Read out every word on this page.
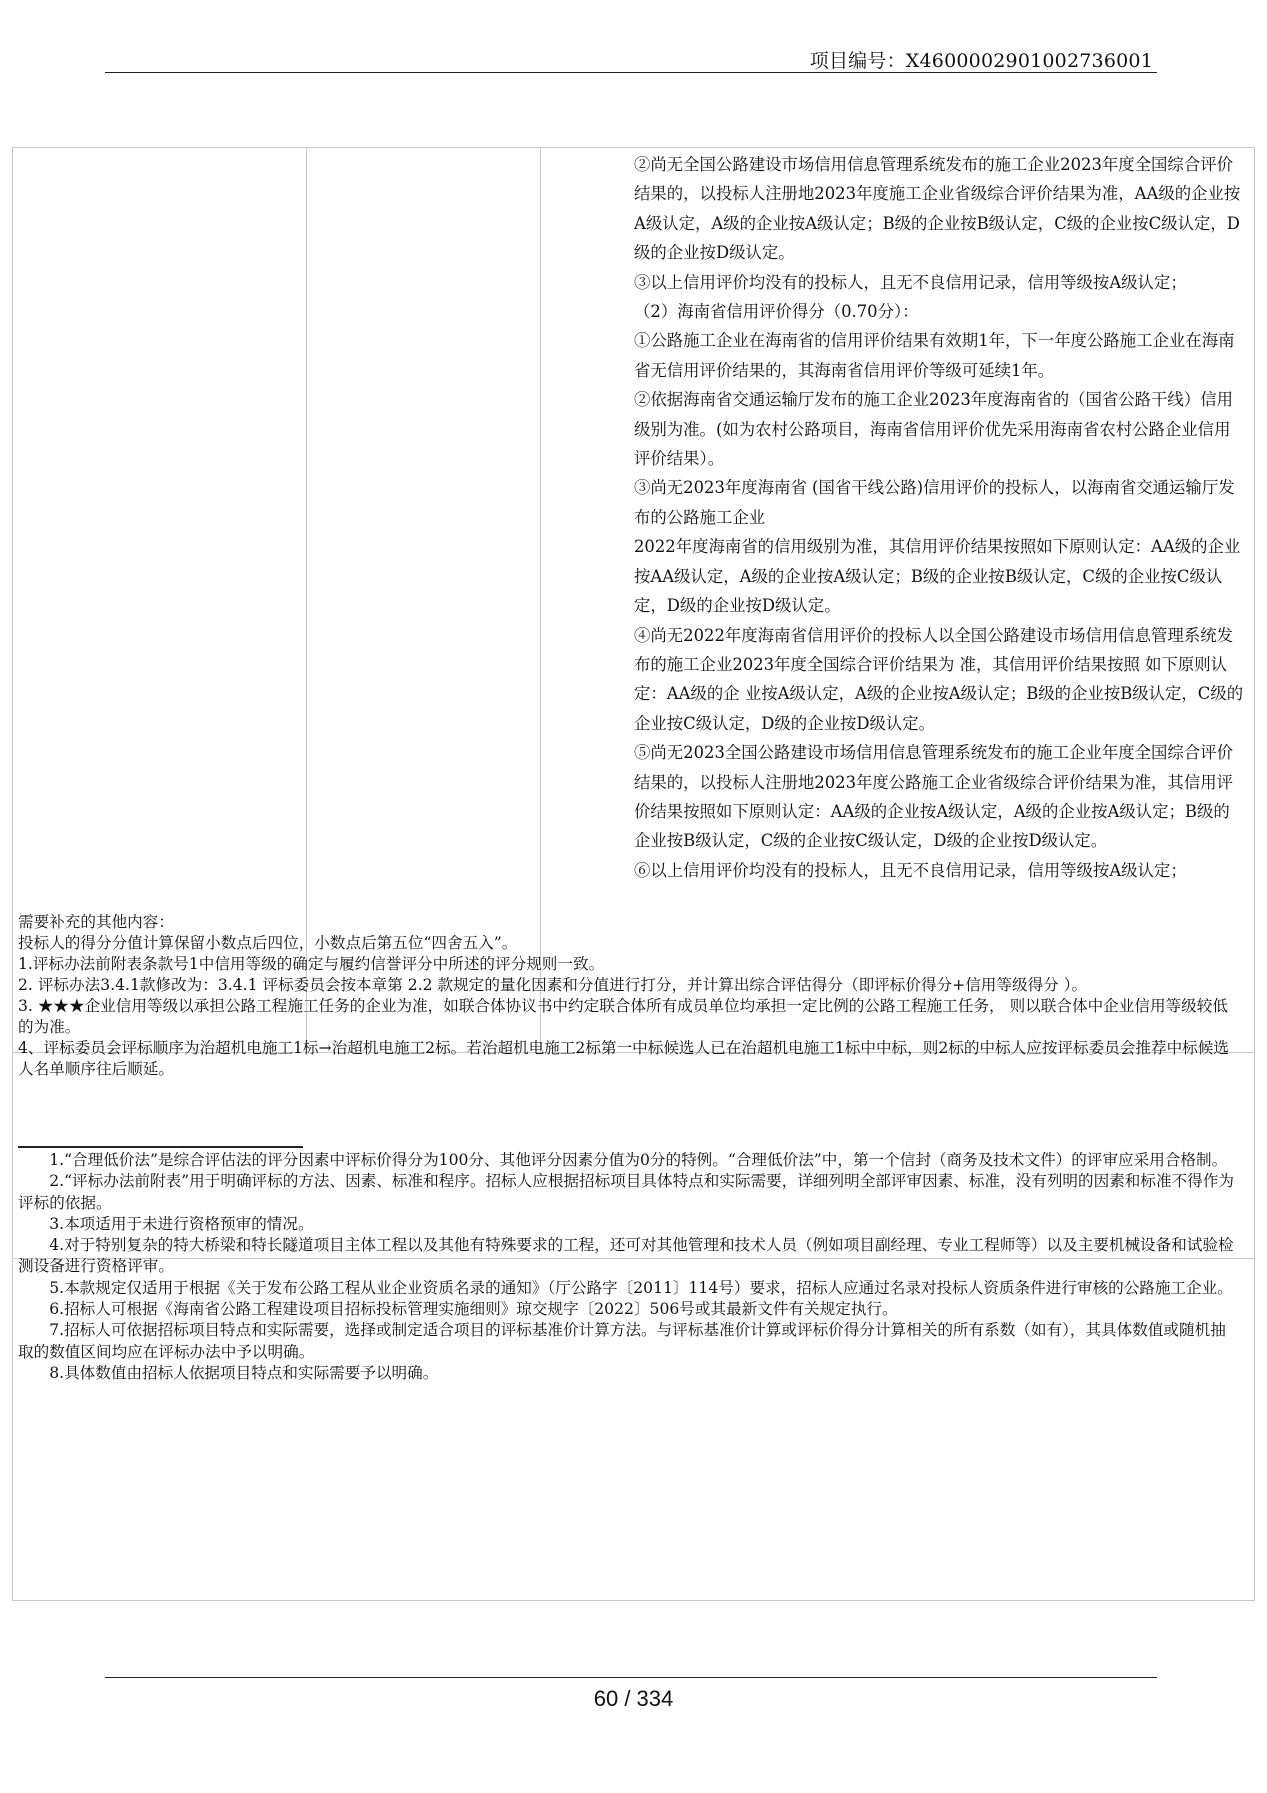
项目编号：X4600002901002736001

②尚无全国公路建设市场信用信息管理系统发布的施工企业2023年度全国综合评价结果的，以投标人注册地2023年度施工企业省级综合评价结果为准，AA级的企业按A级认定，A级的企业按A级认定；B级的企业按B级认定，C级的企业按C级认定，D级的企业按D级认定。

③以上信用评价均没有的投标人，且无不良信用记录，信用等级按A级认定；

（2）海南省信用评价得分（0.70分）：

①公路施工企业在海南省的信用评价结果有效期1年，下一年度公路施工企业在海南省无信用评价结果的，其海南省信用评价等级可延续1年。

②依据海南省交通运输厅发布的施工企业2023年度海南省的（国省公路干线）信用级别为准。(如为农村公路项目，海南省信用评价优先采用海南省农村公路企业信用评价结果）。

③尚无2023年度海南省 (国省干线公路)信用评价的投标人，以海南省交通运输厅发布的公路施工企业

2022年度海南省的信用级别为准，其信用评价结果按照如下原则认定：AA级的企业按AA级认定，A级的企业按A级认定；B级的企业按B级认定，C级的企业按C级认定，D级的企业按D级认定。

④尚无2022年度海南省信用评价的投标人以全国公路建设市场信用信息管理系统发布的施工企业2023年度全国综合评价结果为 准，其信用评价结果按照 如下原则认定：AA级的企 业按A级认定，A级的企业按A级认定；B级的企业按B级认定，C级的企业按C级认定，D级的企业按D级认定。

⑤尚无2023全国公路建设市场信用信息管理系统发布的施工企业年度全国综合评价结果的，以投标人注册地2023年度公路施工企业省级综合评价结果为准，其信用评价结果按照如下原则认定：AA级的企业按A级认定，A级的企业按A级认定；B级的企业按B级认定，C级的企业按C级认定，D级的企业按D级认定。

⑥以上信用评价均没有的投标人，且无不良信用记录，信用等级按A级认定；

需要补充的其他内容：

投标人的得分分值计算保留小数点后四位，小数点后第五位“四舍五入”。

1.评标办法前附表条款号1中信用等级的确定与履约信誉评分中所述的评分规则一致。

2. 评标办法3.4.1款修改为：3.4.1 评标委员会按本章第 2.2 款规定的量化因素和分值进行打分，并计算出综合评估得分（即评标价得分+信用等级得分 ）。

3. ★★★企业信用等级以承担公路工程施工任务的企业为准，如联合体协议书中约定联合体所有成员单位均承担一定比例的公路工程施工任务， 则以联合体中企业信用等级较低的为准。

4、评标委员会评标顺序为治超机电施工1标→治超机电施工2标。若治超机电施工2标第一中标候选人已在治超机电施工1标中中标，则2标的中标人应按评标委员会推荐中标候选人名单顺序往后顺延。

1.“合理低价法”是综合评估法的评分因素中评标价得分为100分、其他评分因素分值为0分的特例。“合理低价法”中，第一个信封（商务及技术文件）的评审应采用合格制。

2.“评标办法前附表”用于明确评标的方法、因素、标准和程序。招标人应根据招标项目具体特点和实际需要，详细列明全部评审因素、标准，没有列明的因素和标准不得作为评标的依据。

3.本项适用于未进行资格预审的情况。

4.对于特别复杂的特大桥梁和特长隧道项目主体工程以及其他有特殊要求的工程，还可对其他管理和技术人员（例如项目副经理、专业工程师等）以及主要机械设备和试验检测设备进行资格评审。

5.本款规定仅适用于根据《关于发布公路工程从业企业资质名录的通知》（厅公路字〔2011〕114号）要求，招标人应通过名录对投标人资质条件进行审核的公路施工企业。

6.招标人可根据《海南省公路工程建设项目招标投标管理实施细则》琼交规字〔2022〕506号或其最新文件有关规定执行。

7.招标人可依据招标项目特点和实际需要，选择或制定适合项目的评标基准价计算方法。与评标基准价计算或评标价得分计算相关的所有系数（如有），其具体数值或随机抽取的数值区间均应在评标办法中予以明确。

8.具体数值由招标人依据项目特点和实际需要予以明确。

60 / 334
